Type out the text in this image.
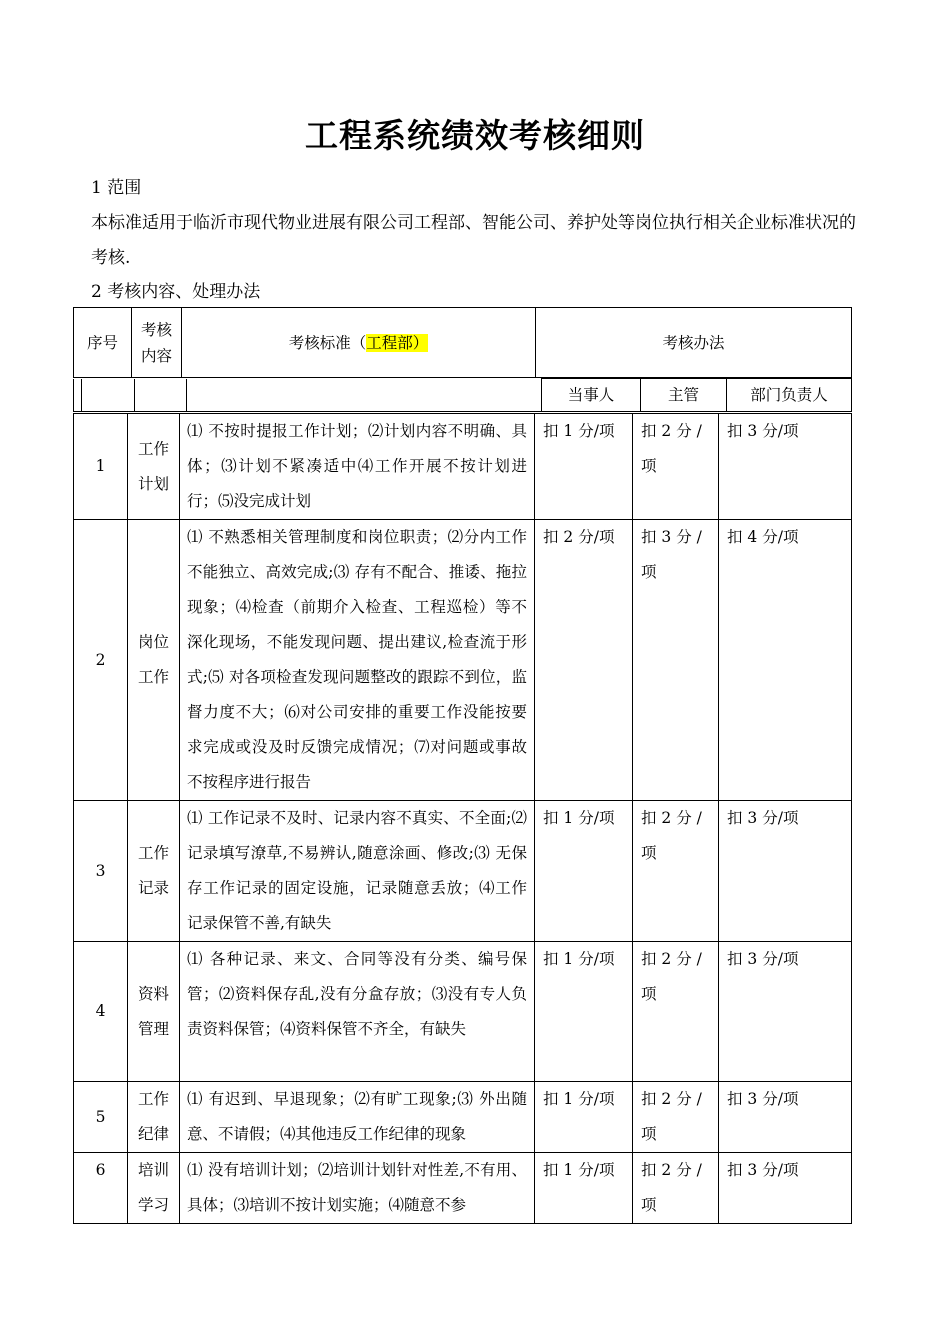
工程系统绩效考核细则
1 范围
本标准适用于临沂市现代物业进展有限公司工程部、智能公司、养护处等岗位执行相关企业标准状况的考核.
2 考核内容、处理办法
序号	考核内容	考核标准（工程部）	考核办法
				当事人	主管	部门负责人
1	工作计划	⑴ 不按时提报工作计划；⑵计划内容不明确、具体；⑶计划不紧凑适中⑷工作开展不按计划进行；⑸没完成计划	扣 1 分/项	扣 2 分 / 项	扣 3 分/项
2	岗位工作	⑴ 不熟悉相关管理制度和岗位职责；⑵分内工作不能独立、高效完成;⑶ 存有不配合、推诿、拖拉现象；⑷检查（前期介入检查、工程巡检）等不深化现场，不能发现问题、提出建议,检查流于形式;⑸ 对各项检查发现问题整改的跟踪不到位，监督力度不大；⑹对公司安排的重要工作没能按要求完成或没及时反馈完成情况；⑺对问题或事故不按程序进行报告	扣 2 分/项	扣 3 分 / 项	扣 4 分/项
3	工作记录	⑴ 工作记录不及时、记录内容不真实、不全面;⑵ 记录填写潦草,不易辨认,随意涂画、修改;⑶ 无保存工作记录的固定设施，记录随意丢放；⑷工作记录保管不善,有缺失	扣 1 分/项	扣 2 分 / 项	扣 3 分/项
4	资料管理	⑴ 各种记录、来文、合同等没有分类、编号保管；⑵资料保存乱,没有分盒存放；⑶没有专人负责资料保管；⑷资料保管不齐全，有缺失	扣 1 分/项	扣 2 分 / 项	扣 3 分/项
5	工作纪律	⑴ 有迟到、早退现象；⑵有旷工现象;⑶ 外出随意、不请假；⑷其他违反工作纪律的现象	扣 1 分/项	扣 2 分 / 项	扣 3 分/项
6	培训学习	⑴ 没有培训计划；⑵培训计划针对性差,不有用、具体；⑶培训不按计划实施；⑷随意不参	扣 1 分/项	扣 2 分 / 项	扣 3 分/项
